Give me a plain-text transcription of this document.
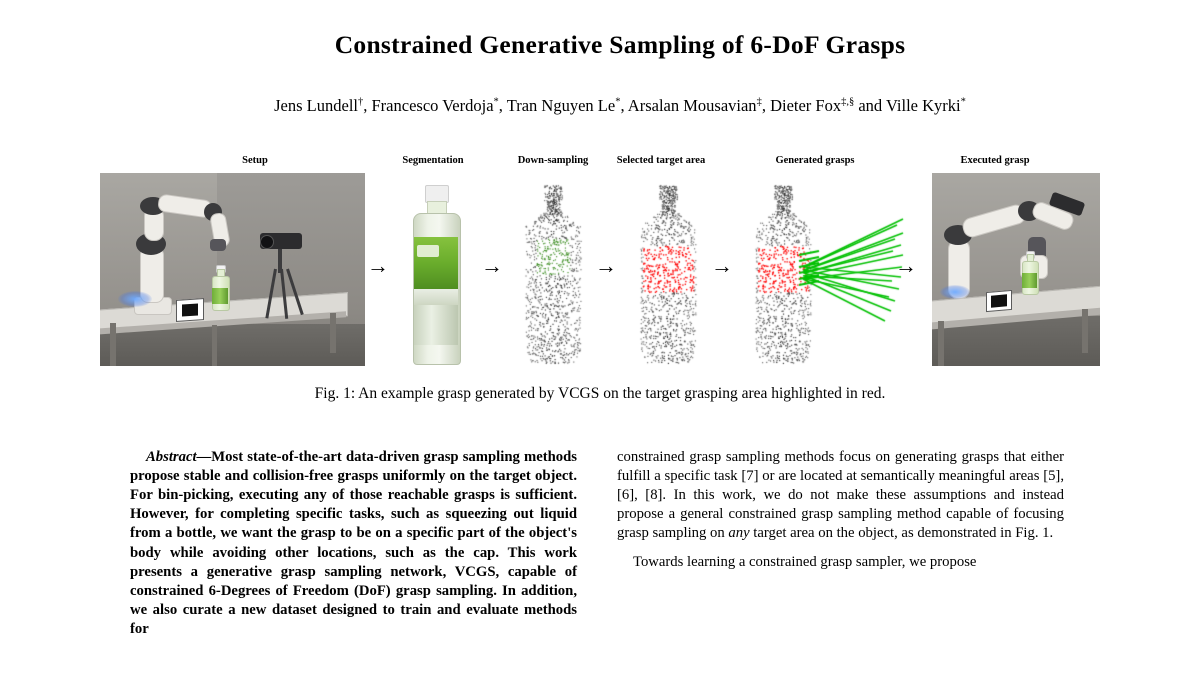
Constrained Generative Sampling of 6-DoF Grasps
Jens Lundell†, Francesco Verdoja*, Tran Nguyen Le*, Arsalan Mousavian‡, Dieter Fox‡,§ and Ville Kyrki*
Setup	Segmentation	Down-sampling	Selected target area	Generated grasps	Executed grasp
→	→	→	→	→
Fig. 1: An example grasp generated by VCGS on the target grasping area highlighted in red.

Abstract—Most state-of-the-art data-driven grasp sampling methods propose stable and collision-free grasps uniformly on the target object. For bin-picking, executing any of those reachable grasps is sufficient. However, for completing specific tasks, such as squeezing out liquid from a bottle, we want the grasp to be on a specific part of the object's body while avoiding other locations, such as the cap. This work presents a generative grasp sampling network, VCGS, capable of constrained 6-Degrees of Freedom (DoF) grasp sampling. In addition, we also curate a new dataset designed to train and evaluate methods for

constrained grasp sampling methods focus on generating grasps that either fulfill a specific task [7] or are located at semantically meaningful areas [5], [6], [8]. In this work, we do not make these assumptions and instead propose a general constrained grasp sampling method capable of focusing grasp sampling on any target area on the object, as demonstrated in Fig. 1.

Towards learning a constrained grasp sampler, we propose
